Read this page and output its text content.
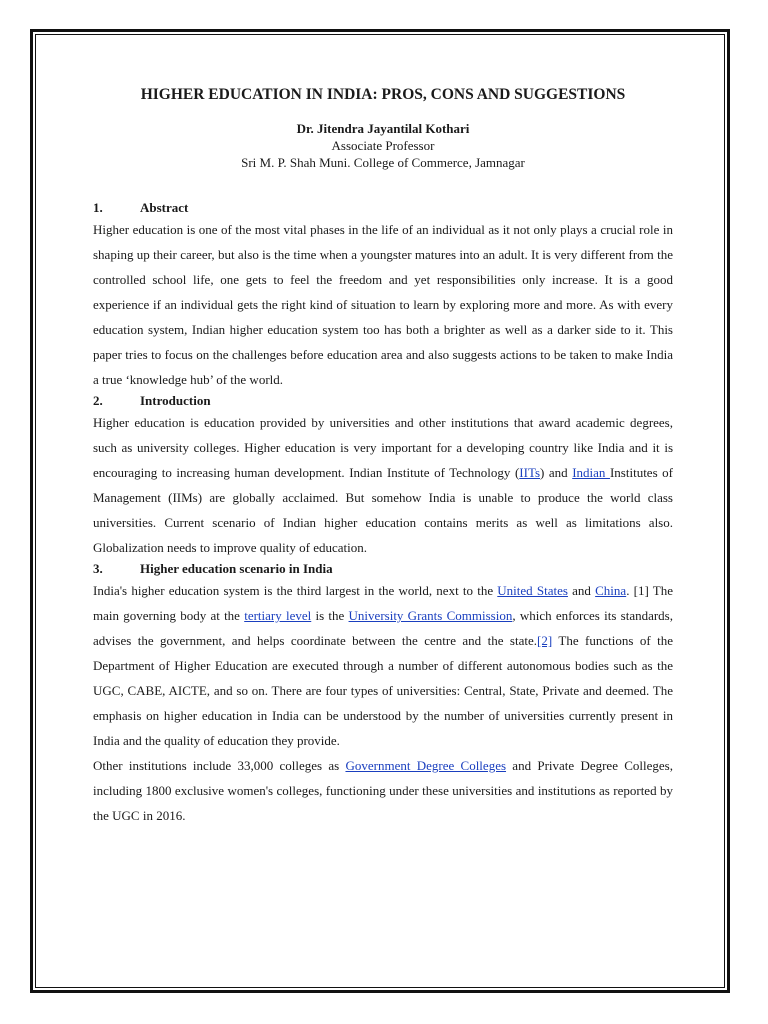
HIGHER EDUCATION IN INDIA: PROS, CONS AND SUGGESTIONS

Dr. Jitendra Jayantilal Kothari

Associate Professor

Sri M. P. Shah Muni. College of Commerce, Jamnagar

1.	Abstract

Higher education is one of the most vital phases in the life of an individual as it not only plays a crucial role in shaping up their career, but also is the time when a youngster matures into an adult. It is very different from the controlled school life, one gets to feel the freedom and yet responsibilities only increase. It is a good experience if an individual gets the right kind of situation to learn by exploring more and more. As with every education system, Indian higher education system too has both a brighter as well as a darker side to it. This paper tries to focus on the challenges before education area and also suggests actions to be taken to make India a true ‘knowledge hub’ of the world.

2.	Introduction

Higher education is education provided by universities and other institutions that award academic degrees, such as university colleges. Higher education is very important for a developing country like India and it is encouraging to increasing human development. Indian Institute of Technology (IITs) and Indian Institutes of Management (IIMs) are globally acclaimed. But somehow India is unable to produce the world class universities. Current scenario of Indian higher education contains merits as well as limitations also. Globalization needs to improve quality of education.

3.	Higher education scenario in India

India's higher education system is the third largest in the world, next to the United States and China. [1] The main governing body at the tertiary level is the University Grants Commission, which enforces its standards, advises the government, and helps coordinate between the centre and the state.[2] The functions of the Department of Higher Education are executed through a number of different autonomous bodies such as the UGC, CABE, AICTE, and so on. There are four types of universities: Central, State, Private and deemed. The emphasis on higher education in India can be understood by the number of universities currently present in India and the quality of education they provide.

Other institutions include 33,000 colleges as Government Degree Colleges and Private Degree Colleges, including 1800 exclusive women's colleges, functioning under these universities and institutions as reported by the UGC in 2016.
